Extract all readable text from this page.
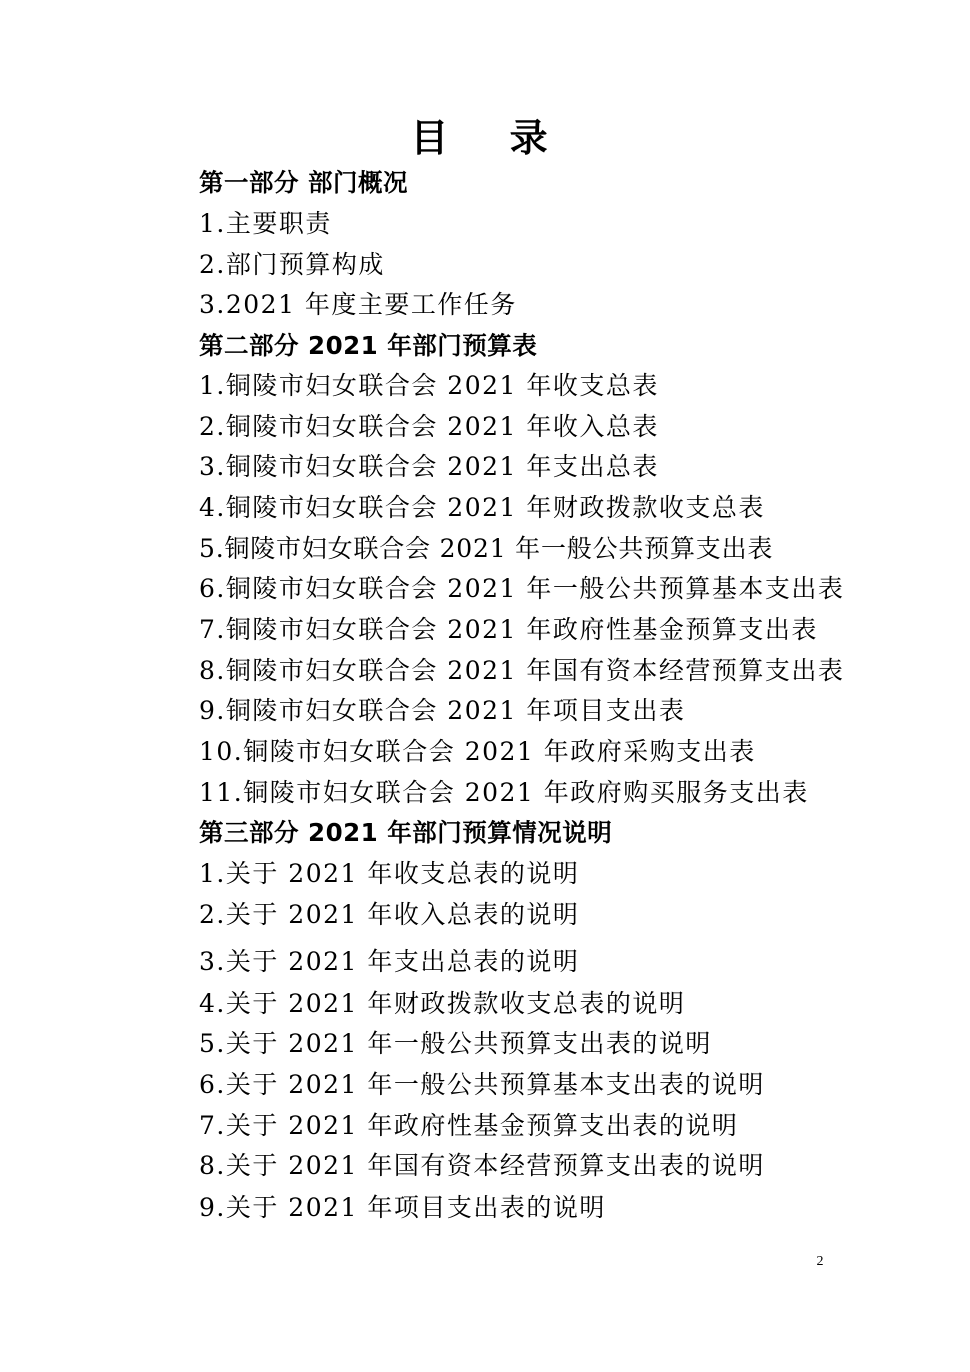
目 录
第一部分 部门概况
1.主要职责
2.部门预算构成
3.2021 年度主要工作任务
第二部分 2021 年部门预算表
1.铜陵市妇女联合会 2021 年收支总表
2.铜陵市妇女联合会 2021 年收入总表
3.铜陵市妇女联合会 2021 年支出总表
4.铜陵市妇女联合会 2021 年财政拨款收支总表
5.铜陵市妇女联合会 2021 年一般公共预算支出表
6.铜陵市妇女联合会 2021 年一般公共预算基本支出表
7.铜陵市妇女联合会 2021 年政府性基金预算支出表
8.铜陵市妇女联合会 2021 年国有资本经营预算支出表
9.铜陵市妇女联合会 2021 年项目支出表
10.铜陵市妇女联合会 2021 年政府采购支出表
11.铜陵市妇女联合会 2021 年政府购买服务支出表
第三部分 2021 年部门预算情况说明
1.关于 2021 年收支总表的说明
2.关于 2021 年收入总表的说明
3.关于 2021 年支出总表的说明
4.关于 2021 年财政拨款收支总表的说明
5.关于 2021 年一般公共预算支出表的说明
6.关于 2021 年一般公共预算基本支出表的说明
7.关于 2021 年政府性基金预算支出表的说明
8.关于 2021 年国有资本经营预算支出表的说明
9.关于 2021 年项目支出表的说明
2
